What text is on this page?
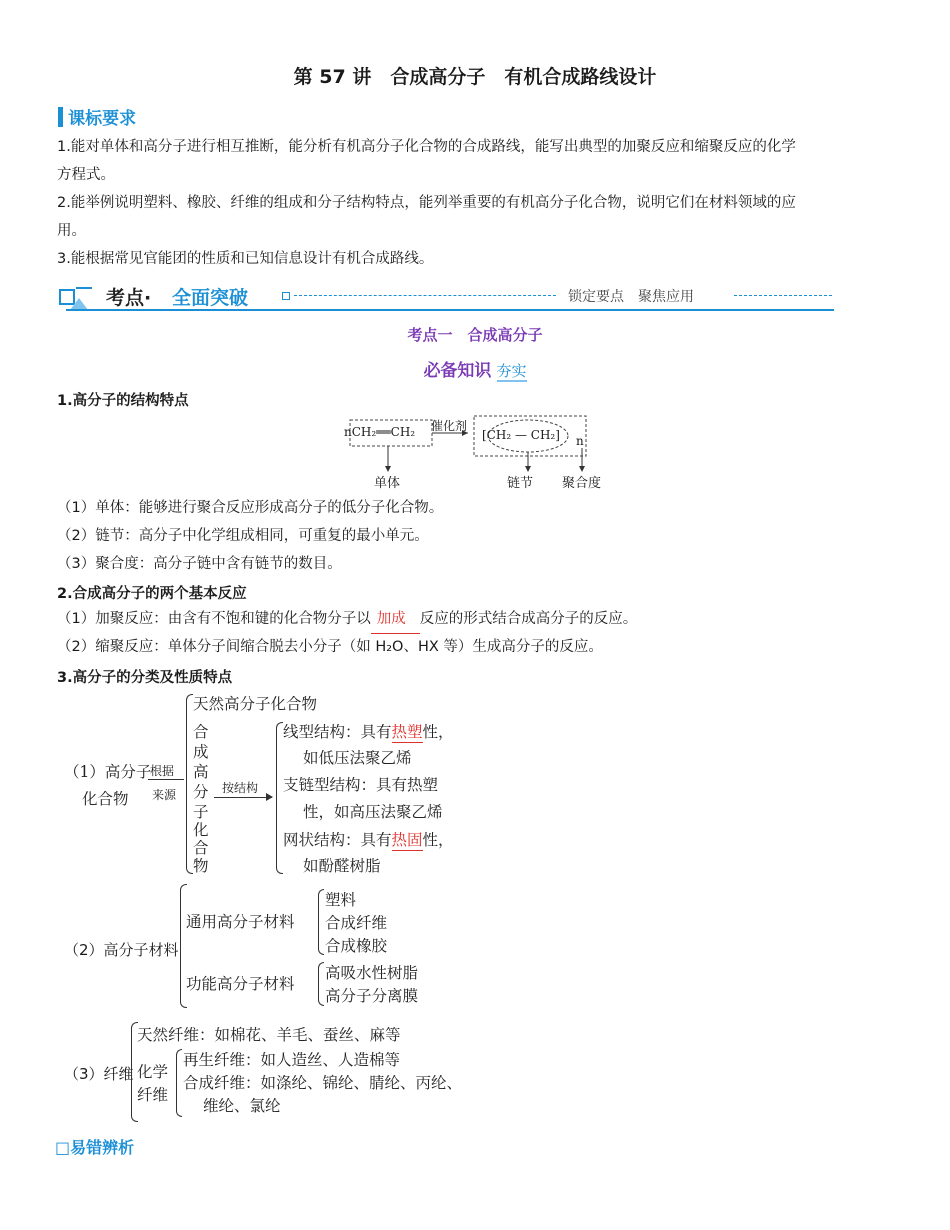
第 57 讲　合成高分子　有机合成路线设计
课标要求
1.能对单体和高分子进行相互推断，能分析有机高分子化合物的合成路线，能写出典型的加聚反应和缩聚反应的化学
方程式。
2.能举例说明塑料、橡胶、纤维的组成和分子结构特点，能列举重要的有机高分子化合物，说明它们在材料领域的应
用。
3.能根据常见官能团的性质和已知信息设计有机合成路线。
考点· 全面突破	锁定要点　聚焦应用
考点一　合成高分子
必备知识 夯实
1.高分子的结构特点
nCH₂══CH₂ 催化剂
[CH₂ — CH₂] n
单体	链节 聚合度
（1）单体：能够进行聚合反应形成高分子的低分子化合物。
（2）链节：高分子中化学组成相同，可重复的最小单元。
（3）聚合度：高分子链中含有链节的数目。
2.合成高分子的两个基本反应
（1）加聚反应：由含有不饱和键的化合物分子以 加成 反应的形式结合成高分子的反应。
（2）缩聚反应：单体分子间缩合脱去小分子（如 H₂O、HX 等）生成高分子的反应。
3.高分子的分类及性质特点
（1）高分子
化合物
根据
来源
天然高分子化合物
合
成
高
分
子
化
合
物
按结构
线型结构：具有热塑性，
如低压法聚乙烯
支链型结构：具有热塑
性，如高压法聚乙烯
网状结构：具有热固性，
如酚醛树脂
（2）高分子材料
通用高分子材料
塑料
合成纤维
合成橡胶
功能高分子材料
高吸水性树脂
高分子分离膜
（3）纤维
天然纤维：如棉花、羊毛、蚕丝、麻等
化学
纤维
再生纤维：如人造丝、人造棉等
合成纤维：如涤纶、锦纶、腈纶、丙纶、
维纶、氯纶
□易错辨析
